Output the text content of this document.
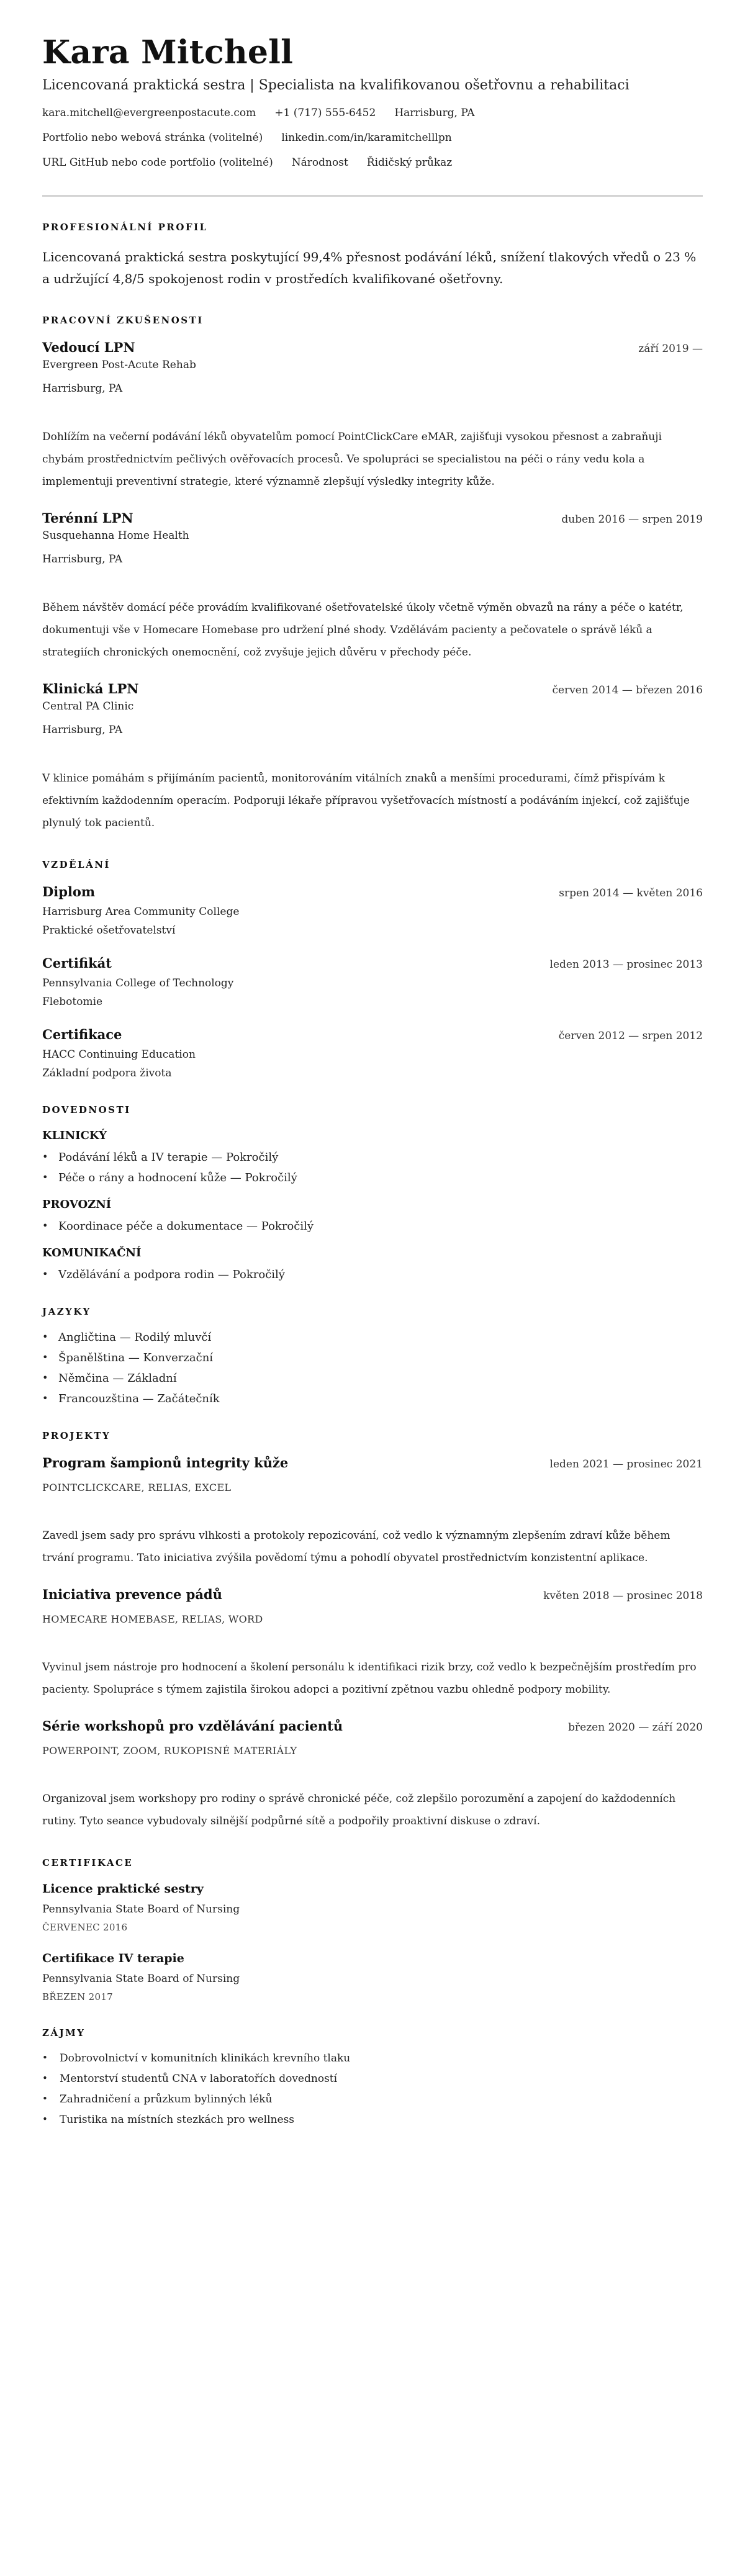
Kara Mitchell
Licencovaná praktická sestra | Specialista na kvalifikovanou ošetřovnu a rehabilitaci
kara.mitchell@evergreenpostacute.com +1 (717) 555-6452 Harrisburg, PA
Portfolio nebo webová stránka (volitelné) linkedin.com/in/karamitchelllpn
URL GitHub nebo code portfolio (volitelné) Národnost Řidičský průkaz
PROFESIONÁLNÍ PROFIL
Licencovaná praktická sestra poskytující 99,4% přesnost podávání léků, snížení tlakových vředů o 23 % a udržující 4,8/5 spokojenost rodin v prostředích kvalifikované ošetřovny.
PRACOVNÍ ZKUŠENOSTI
Vedoucí LPN	září 2019 —
Evergreen Post-Acute Rehab
Harrisburg, PA
Dohlížím na večerní podávání léků obyvatelům pomocí PointClickCare eMAR, zajišťuji vysokou přesnost a zabraňuji chybám prostřednictvím pečlivých ověřovacích procesů. Ve spolupráci se specialistou na péči o rány vedu kola a implementuji preventivní strategie, které významně zlepšují výsledky integrity kůže.
Terénní LPN	duben 2016 — srpen 2019
Susquehanna Home Health
Harrisburg, PA
Během návštěv domácí péče provádím kvalifikované ošetřovatelské úkoly včetně výměn obvazů na rány a péče o katétr, dokumentuji vše v Homecare Homebase pro udržení plné shody. Vzdělávám pacienty a pečovatele o správě léků a strategiích chronických onemocnění, což zvyšuje jejich důvěru v přechody péče.
Klinická LPN	červen 2014 — březen 2016
Central PA Clinic
Harrisburg, PA
V klinice pomáhám s přijímáním pacientů, monitorováním vitálních znaků a menšími procedurami, čímž přispívám k efektivním každodenním operacím. Podporuji lékaře přípravou vyšetřovacích místností a podáváním injekcí, což zajišťuje plynulý tok pacientů.
VZDĚLÁNÍ
Diplom	srpen 2014 — květen 2016
Harrisburg Area Community College
Praktické ošetřovatelství
Certifikát	leden 2013 — prosinec 2013
Pennsylvania College of Technology
Flebotomie
Certifikace	červen 2012 — srpen 2012
HACC Continuing Education
Základní podpora života
DOVEDNOSTI
KLINICKÝ
• Podávání léků a IV terapie — Pokročilý
• Péče o rány a hodnocení kůže — Pokročilý
PROVOZNÍ
• Koordinace péče a dokumentace — Pokročilý
KOMUNIKAČNÍ
• Vzdělávání a podpora rodin — Pokročilý
JAZYKY
• Angličtina — Rodilý mluvčí
• Španělština — Konverzační
• Němčina — Základní
• Francouzština — Začátečník
PROJEKTY
Program šampionů integrity kůže	leden 2021 — prosinec 2021
POINTCLICKCARE, RELIAS, EXCEL
Zavedl jsem sady pro správu vlhkosti a protokoly repozicování, což vedlo k významným zlepšením zdraví kůže během trvání programu. Tato iniciativa zvýšila povědomí týmu a pohodlí obyvatel prostřednictvím konzistentní aplikace.
Iniciativa prevence pádů	květen 2018 — prosinec 2018
HOMECARE HOMEBASE, RELIAS, WORD
Vyvinul jsem nástroje pro hodnocení a školení personálu k identifikaci rizik brzy, což vedlo k bezpečnějším prostředím pro pacienty. Spolupráce s týmem zajistila širokou adopci a pozitivní zpětnou vazbu ohledně podpory mobility.
Série workshopů pro vzdělávání pacientů	březen 2020 — září 2020
POWERPOINT, ZOOM, RUKOPISNÉ MATERIÁLY
Organizoval jsem workshopy pro rodiny o správě chronické péče, což zlepšilo porozumění a zapojení do každodenních rutiny. Tyto seance vybudovaly silnější podpůrné sítě a podpořily proaktivní diskuse o zdraví.
CERTIFIKACE
Licence praktické sestry
Pennsylvania State Board of Nursing
ČERVENEC 2016
Certifikace IV terapie
Pennsylvania State Board of Nursing
BŘEZEN 2017
ZÁJMY
• Dobrovolnictví v komunitních klinikách krevního tlaku
• Mentorství studentů CNA v laboratořích dovedností
• Zahradničení a průzkum bylinných léků
• Turistika na místních stezkách pro wellness
